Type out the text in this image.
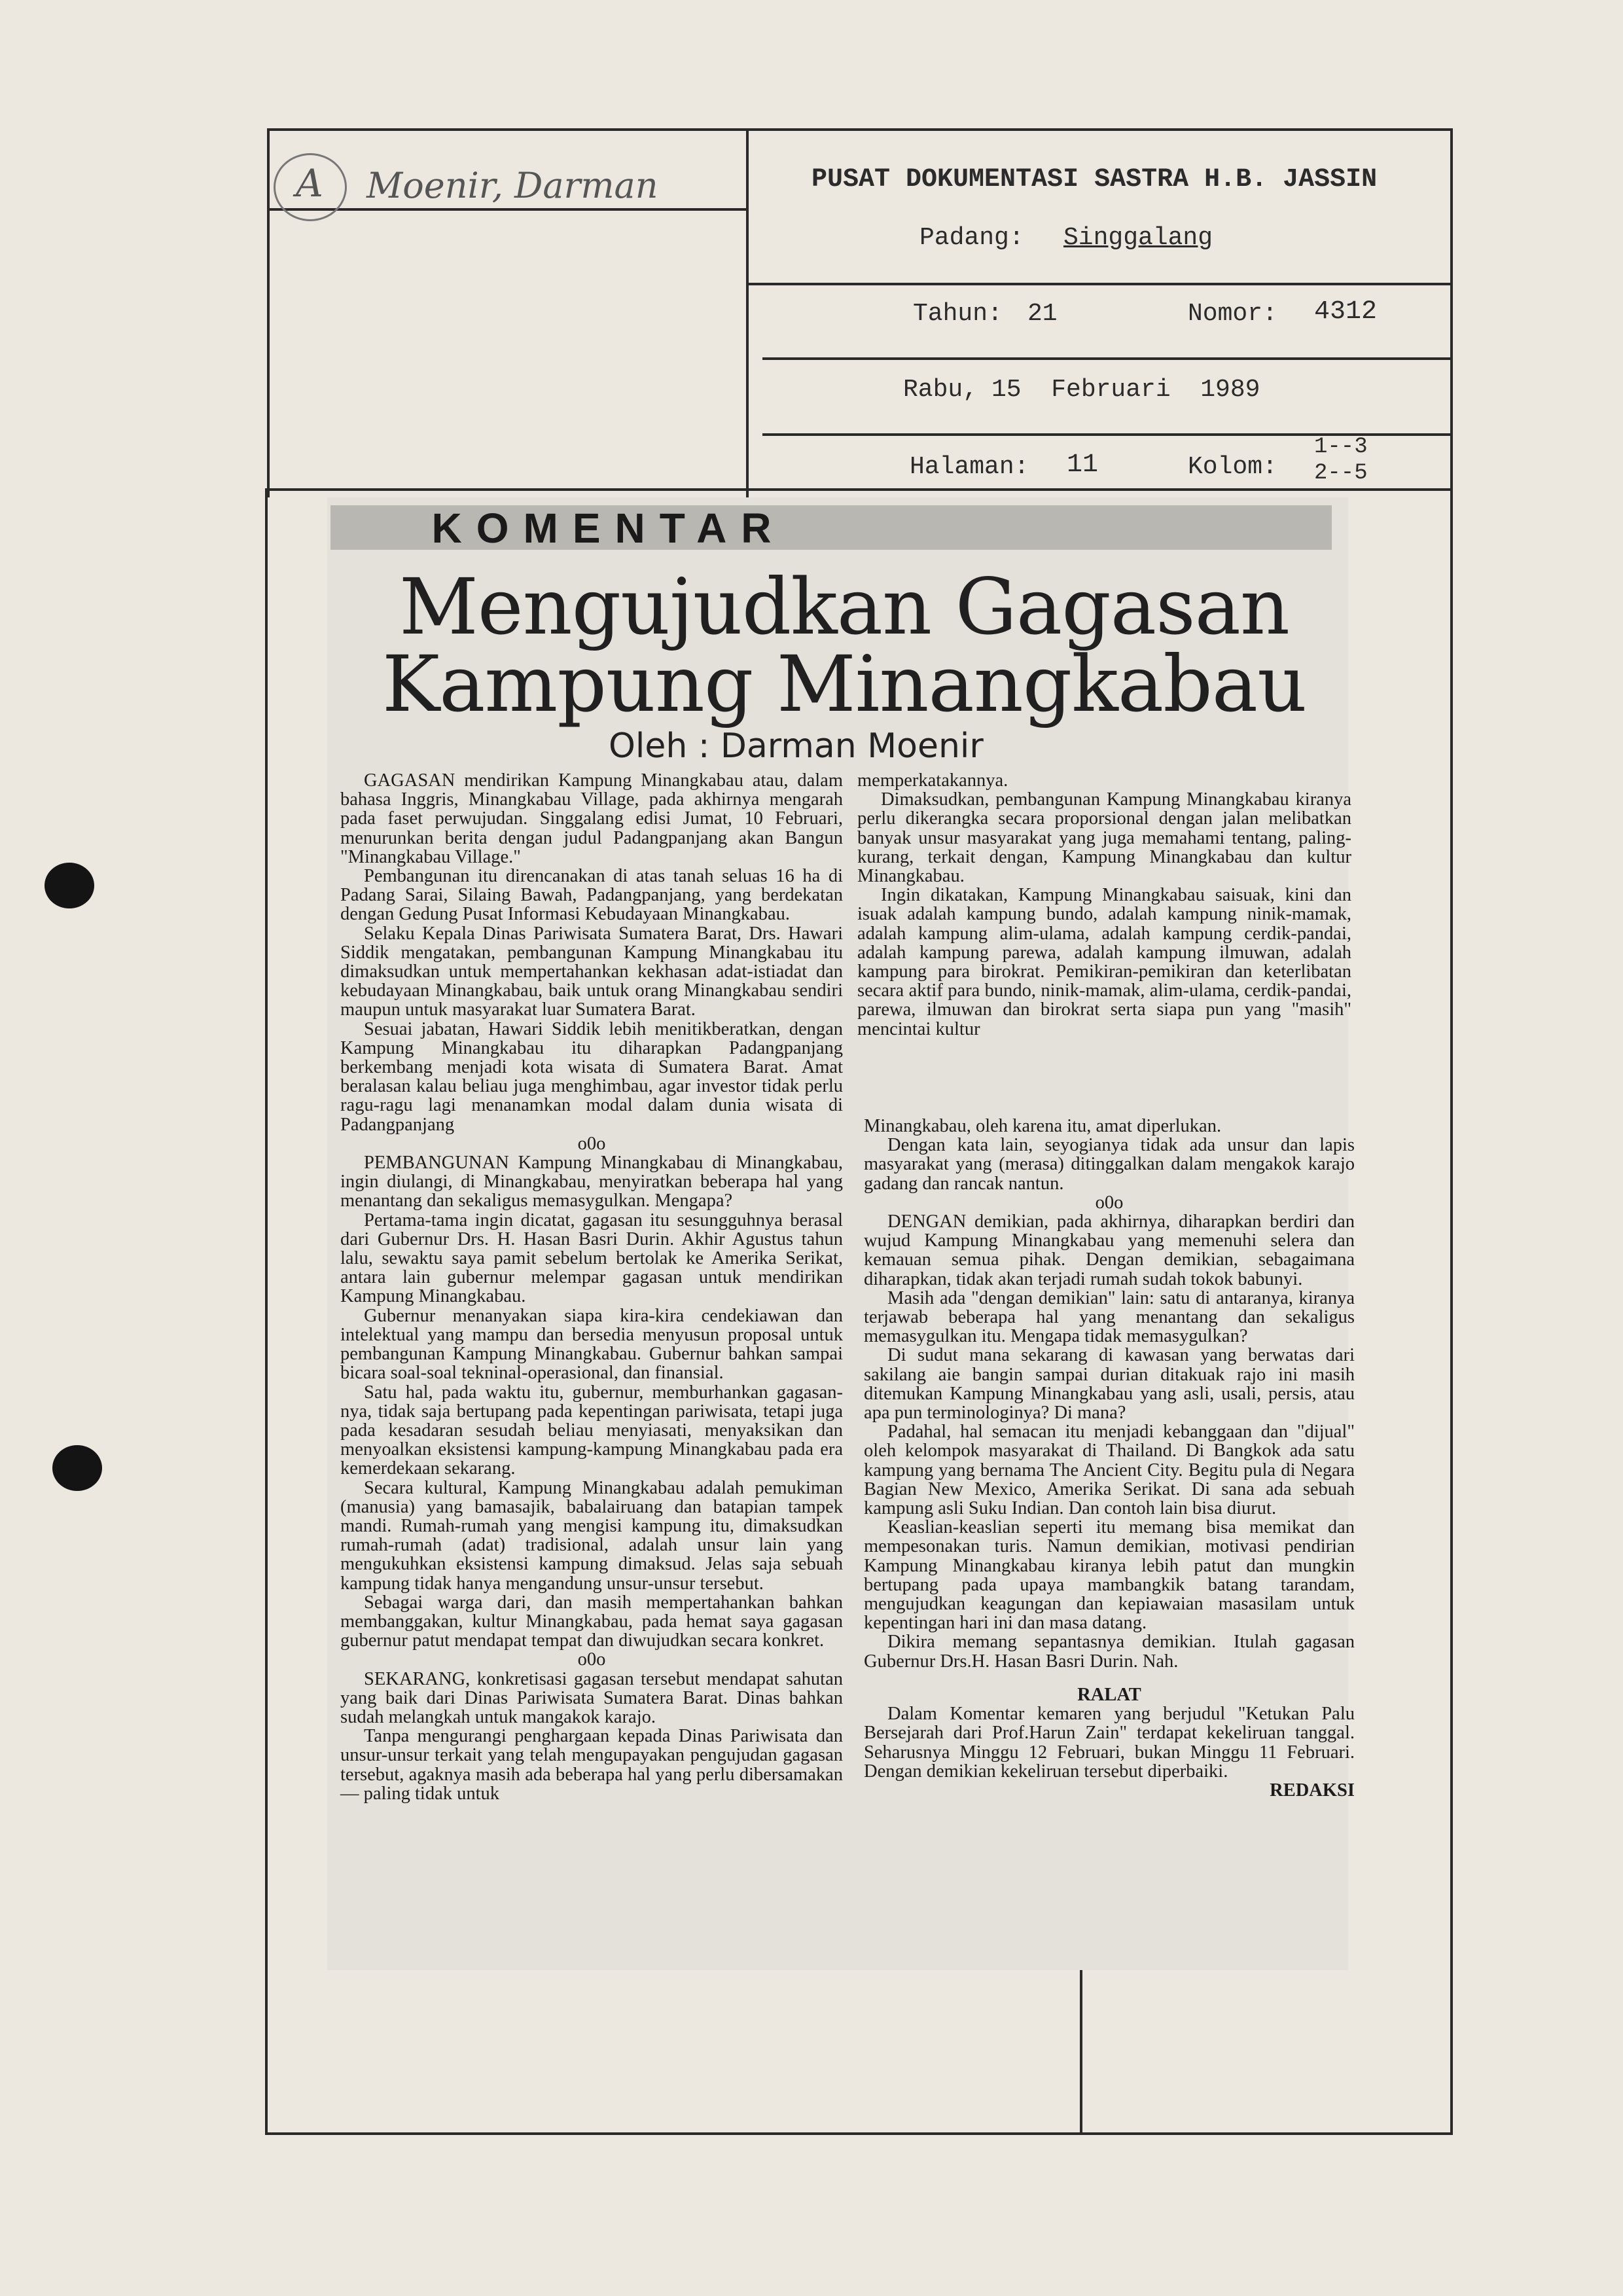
A Moenir, Darman	PUSAT DOKUMENTASI SASTRA H.B. JASSIN
Padang: Singgalang
Tahun: 21	Nomor: 4312
Rabu, 15  Februari  1989
Halaman: 11	Kolom:
1--3
2--5
KOMENTAR
Mengujudkan Gagasan
Kampung Minangkabau
Oleh : Darman Moenir

GAGASAN mendirikan Kampung Minangkabau atau, dalam bahasa Inggris, Minangkabau Village, pada akhirnya mengarah pada faset perwujudan. Singgalang edisi Jumat, 10 Februari, menurunkan berita dengan judul Padangpanjang akan Bangun "Minangkabau Village."

Pembangunan itu direncanakan di atas tanah seluas 16 ha di Padang Sarai, Silaing Bawah, Padangpanjang, yang berdekatan dengan Gedung Pusat Informasi Kebudayaan Minangkabau.

Selaku Kepala Dinas Pariwisata Sumatera Barat, Drs. Hawari Siddik mengatakan, pembangunan Kampung Minangkabau itu dimaksudkan untuk mempertahankan kekhasan adat-istiadat dan kebudayaan Minangkabau, baik untuk orang Minangkabau sendiri maupun untuk masyarakat luar Sumatera Barat.

Sesuai jabatan, Hawari Siddik lebih menitikberatkan, dengan Kampung Minangkabau itu diharapkan Padangpanjang berkembang menjadi kota wisata di Sumatera Barat. Amat beralasan kalau beliau juga menghimbau, agar investor tidak perlu ragu-ragu lagi menanamkan modal dalam dunia wisata di Padangpanjang

o0o

PEMBANGUNAN Kampung Minangkabau di Minangkabau, ingin diulangi, di Minangkabau, menyiratkan beberapa hal yang menantang dan sekaligus memasygulkan. Mengapa?

Pertama-tama ingin dicatat, gagasan itu sesungguhnya berasal dari Gubernur Drs. H. Hasan Basri Durin. Akhir Agustus tahun lalu, sewaktu saya pamit sebelum bertolak ke Amerika Serikat, antara lain gubernur melempar gagasan untuk mendirikan Kampung Minangkabau.

Gubernur menanyakan siapa kira-kira cendekiawan dan intelektual yang mampu dan bersedia menyusun proposal untuk pembangunan Kampung Minangkabau. Gubernur bahkan sampai bicara soal-soal tekninal-operasional, dan finansial.

Satu hal, pada waktu itu, gubernur, memburhankan gagasan-nya, tidak saja bertupang pada kepentingan pariwisata, tetapi juga pada kesadaran sesudah beliau menyiasati, menyaksikan dan menyoalkan eksistensi kampung-kampung Minangkabau pada era kemerdekaan sekarang.

Secara kultural, Kampung Minangkabau adalah pemukiman (manusia) yang bamasajik, babalairuang dan batapian tampek mandi. Rumah-rumah yang mengisi kampung itu, dimaksudkan rumah-rumah (adat) tradisional, adalah unsur lain yang mengukuhkan eksistensi kampung dimaksud. Jelas saja sebuah kampung tidak hanya mengandung unsur-unsur tersebut.

Sebagai warga dari, dan masih mempertahankan bahkan membanggakan, kultur Minangkabau, pada hemat saya gagasan gubernur patut mendapat tempat dan diwujudkan secara konkret.

o0o

SEKARANG, konkretisasi gagasan tersebut mendapat sahutan yang baik dari Dinas Pariwisata Sumatera Barat. Dinas bahkan sudah melangkah untuk mangakok karajo.

Tanpa mengurangi penghargaan kepada Dinas Pariwisata dan unsur-unsur terkait yang telah mengupayakan pengujudan gagasan tersebut, agaknya masih ada beberapa hal yang perlu dibersamakan— paling tidak untuk

memperkatakannya.

Dimaksudkan, pembangunan Kampung Minangkabau kiranya perlu dikerangka secara proporsional dengan jalan melibatkan banyak unsur masyarakat yang juga memahami tentang, paling-kurang, terkait dengan, Kampung Minangkabau dan kultur Minangkabau.

Ingin dikatakan, Kampung Minangkabau saisuak, kini dan isuak adalah kampung bundo, adalah kampung ninik-mamak, adalah kampung alim-ulama, adalah kampung cerdik-pandai, adalah kampung parewa, adalah kampung ilmuwan, adalah kampung para birokrat. Pemikiran-pemikiran dan keterlibatan secara aktif para bundo, ninik-mamak, alim-ulama, cerdik-pandai, parewa, ilmuwan dan birokrat serta siapa pun yang "masih" mencintai kultur

Minangkabau, oleh karena itu, amat diperlukan.

Dengan kata lain, seyogianya tidak ada unsur dan lapis masyarakat yang (merasa) ditinggalkan dalam mengakok karajo gadang dan rancak nantun.

o0o

DENGAN demikian, pada akhirnya, diharapkan berdiri dan wujud Kampung Minangkabau yang memenuhi selera dan kemauan semua pihak. Dengan demikian, sebagaimana diharapkan, tidak akan terjadi rumah sudah tokok babunyi.

Masih ada "dengan demikian" lain: satu di antaranya, kiranya terjawab beberapa hal yang menantang dan sekaligus memasygulkan itu. Mengapa tidak memasygulkan?

Di sudut mana sekarang di kawasan yang berwatas dari sakilang aie bangin sampai durian ditakuak rajo ini masih ditemukan Kampung Minangkabau yang asli, usali, persis, atau apa pun terminologinya? Di mana?

Padahal, hal semacan itu menjadi kebanggaan dan "dijual" oleh kelompok masyarakat di Thailand. Di Bangkok ada satu kampung yang bernama The Ancient City. Begitu pula di Negara Bagian New Mexico, Amerika Serikat. Di sana ada sebuah kampung asli Suku Indian. Dan contoh lain bisa diurut.

Keaslian-keaslian seperti itu memang bisa memikat dan mempesonakan turis. Namun demikian, motivasi pendirian Kampung Minangkabau kiranya lebih patut dan mungkin bertupang pada upaya mambangkik batang tarandam, mengujudkan keagungan dan kepiawaian masasilam untuk kepentingan hari ini dan masa datang.

Dikira memang sepantasnya demikian. Itulah gagasan Gubernur Drs.H. Hasan Basri Durin. Nah.

RALAT

Dalam Komentar kemaren yang berjudul "Ketukan Palu Bersejarah dari Prof.Harun Zain" terdapat kekeliruan tanggal. Seharusnya Minggu 12 Februari, bukan Minggu 11 Februari. Dengan demikian kekeliruan tersebut diperbaiki.

REDAKSI
